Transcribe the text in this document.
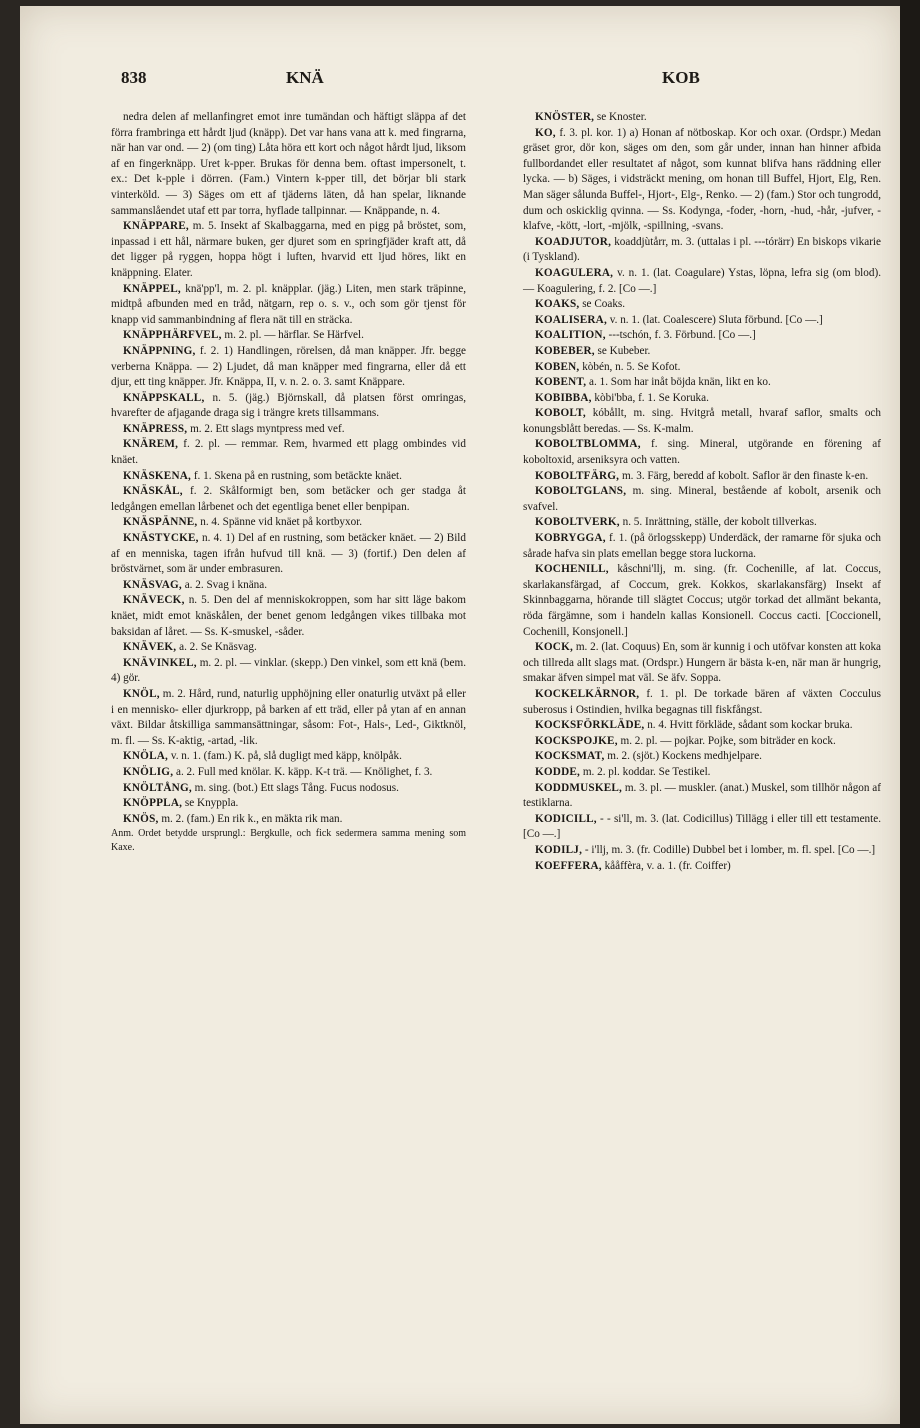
838	KNÄ	KOB

nedra delen af mellanfingret emot inre tumändan och häftigt släppa af det förra frambringa ett hårdt ljud (knäpp). Det var hans vana att k. med fingrarna, när han var ond. — 2) (om ting) Låta höra ett kort och något hårdt ljud, liksom af en fingerknäpp. Uret k-pper. Brukas för denna bem. oftast impersonelt, t. ex.: Det k-pple i dörren. (Fam.) Vintern k-pper till, det börjar bli stark vinterköld. — 3) Säges om ett af tjäderns läten, då han spelar, liknande sammanslåendet utaf ett par torra, hyflade tallpinnar. — Knäppande, n. 4.

KNÄPPARE, m. 5. Insekt af Skalbaggarna, med en pigg på bröstet, som, inpassad i ett hål, närmare buken, ger djuret som en springfjäder kraft att, då det ligger på ryggen, hoppa högt i luften, hvarvid ett ljud höres, likt en knäppning. Elater.

KNÄPPEL, knä'pp'l, m. 2. pl. knäpplar. (jäg.) Liten, men stark träpinne, midtpå afbunden med en tråd, nätgarn, rep o. s. v., och som gör tjenst för knapp vid sammanbindning af flera nät till en sträcka.

KNÄPPHÄRFVEL, m. 2. pl. — härflar. Se Härfvel.

KNÄPPNING, f. 2. 1) Handlingen, rörelsen, då man knäpper. Jfr. begge verberna Knäppa. — 2) Ljudet, då man knäpper med fingrarna, eller då ett djur, ett ting knäpper. Jfr. Knäppa, II, v. n. 2. o. 3. samt Knäppare.

KNÄPPSKALL, n. 5. (jäg.) Björnskall, då platsen först omringas, hvarefter de afjagande draga sig i trängre krets tillsammans.

KNÄPRESS, m. 2. Ett slags myntpress med vef.

KNÄREM, f. 2. pl. — remmar. Rem, hvarmed ett plagg ombindes vid knäet.

KNÄSKENA, f. 1. Skena på en rustning, som betäckte knäet.

KNÄSKÅL, f. 2. Skålformigt ben, som betäcker och ger stadga åt ledgången emellan lårbenet och det egentliga benet eller benpipan.

KNÄSPÄNNE, n. 4. Spänne vid knäet på kortbyxor.

KNÄSTYCKE, n. 4. 1) Del af en rustning, som betäcker knäet. — 2) Bild af en menniska, tagen ifrån hufvud till knä. — 3) (fortif.) Den delen af bröstvärnet, som är under embrasuren.

KNÄSVAG, a. 2. Svag i knäna.

KNÄVECK, n. 5. Den del af menniskokroppen, som har sitt läge bakom knäet, midt emot knäskålen, der benet genom ledgången vikes tillbaka mot baksidan af låret. — Ss. K-smuskel, -såder.

KNÄVEK, a. 2. Se Knäsvag.

KNÄVINKEL, m. 2. pl. — vinklar. (skepp.) Den vinkel, som ett knä (bem. 4) gör.

KNÖL, m. 2. Hård, rund, naturlig upphöjning eller onaturlig utväxt på eller i en menniskо- eller djurkropp, på barken af ett träd, eller på ytan af en annan växt. Bildar åtskilliga sammansättningar, såsom: Fot-, Hals-, Led-, Giktknöl, m. fl. — Ss. K-aktig, -artad, -lik.

KNÖLA, v. n. 1. (fam.) K. på, slå dugligt med käpp, knölpåk.

KNÖLIG, a. 2. Full med knölar. K. käpp. K-t trä. — Knölighet, f. 3.

KNÖLTÅNG, m. sing. (bot.) Ett slags Tång. Fucus nodosus.

KNÖPPLA, se Knyppla.

KNÖS, m. 2. (fam.) En rik k., en mäkta rik man.

Anm. Ordet betydde ursprungl.: Bergkulle, och fick sedermera samma mening som Kaxe.

KNÖSTER, se Knoster.

KO, f. 3. pl. kor. 1) a) Honan af nötboskap. Kor och oxar. (Ordspr.) Medan gräset gror, dör kon, säges om den, som går under, innan han hinner afbida fullbordandet eller resultatet af något, som kunnat blifva hans räddning eller lycka. — b) Säges, i vidsträckt mening, om honan till Buffel, Hjort, Elg, Ren. Man säger sålunda Buffel-, Hjort-, Elg-, Renko. — 2) (fam.) Stor och tungrodd, dum och oskicklig qvinna. — Ss. Kodynga, -foder, -horn, -hud, -hår, -jufver, -klafve, -kött, -lort, -mjölk, -spillning, -svans.

KOADJUTOR, koaddjùtårr, m. 3. (uttalas i pl. ---tórärr) En biskops vikarie (i Tyskland).

KOAGULERA, v. n. 1. (lat. Coagulare) Ystas, löpna, lefra sig (om blod). — Koagulering, f. 2. [Co —.]

KOAKS, se Coaks.

KOALISERA, v. n. 1. (lat. Coalescere) Sluta förbund. [Co —.]

KOALITION, ---tschón, f. 3. Förbund. [Co —.]

KOBEBER, se Kubeber.

KOBEN, kòbén, n. 5. Se Kofot.

KOBENT, a. 1. Som har inåt böjda knän, likt en ko.

KOBIBBA, kòbi'bba, f. 1. Se Koruka.

KOBOLT, kóbållt, m. sing. Hvitgrå metall, hvaraf saflor, smalts och konungsblått beredas. — Ss. K-malm.

KOBOLTBLOMMA, f. sing. Mineral, utgörande en förening af koboltoxid, arseniksyra och vatten.

KOBOLTFÄRG, m. 3. Färg, beredd af kobolt. Saflor är den finaste k-en.

KOBOLTGLANS, m. sing. Mineral, bestående af kobolt, arsenik och svafvel.

KOBOLTVERK, n. 5. Inrättning, ställe, der kobolt tillverkas.

KOBRYGGA, f. 1. (på örlogsskepp) Underdäck, der ramarne för sjuka och sårade hafva sin plats emellan begge stora luckorna.

KOCHENILL, kåschni'llj, m. sing. (fr. Cochenille, af lat. Coccus, skarlakansfärgad, af Coccum, grek. Kokkos, skarlakansfärg) Insekt af Skinnbaggarna, hörande till slägtet Coccus; utgör torkad det allmänt bekanta, röda färgämne, som i handeln kallas Konsionell. Coccus cacti. [Cocciоnell, Cochenill, Konsjonell.]

KOCK, m. 2. (lat. Coquus) En, som är kunnig i och utöfvar konsten att koka och tillreda allt slags mat. (Ordspr.) Hungern är bästa k-en, när man är hungrig, smakar äfven simpel mat väl. Se äfv. Soppa.

KOCKELKÄRNOR, f. 1. pl. De torkade bären af växten Cocculus suberosus i Ostindien, hvilka begagnas till fiskfångst.

KOCKSFÖRKLÄDE, n. 4. Hvitt förkläde, sådant som kockar bruka.

KOCKSPOJKE, m. 2. pl. — pojkar. Pojke, som biträder en kock.

KOCKSMAT, m. 2. (sjöt.) Kockens medhjelpare.

KODDE, m. 2. pl. koddar. Se Testikel.

KODDMUSKEL, m. 3. pl. — muskler. (anat.) Muskel, som tillhör någon af testiklarna.

KODICILL, - - si'll, m. 3. (lat. Codicillus) Tillägg i eller till ett testamente. [Co —.]

KODILJ, - i'llj, m. 3. (fr. Codille) Dubbel bet i lomber, m. fl. spel. [Co —.]

KOEFFERA, kååffèra, v. a. 1. (fr. Coiffer)
